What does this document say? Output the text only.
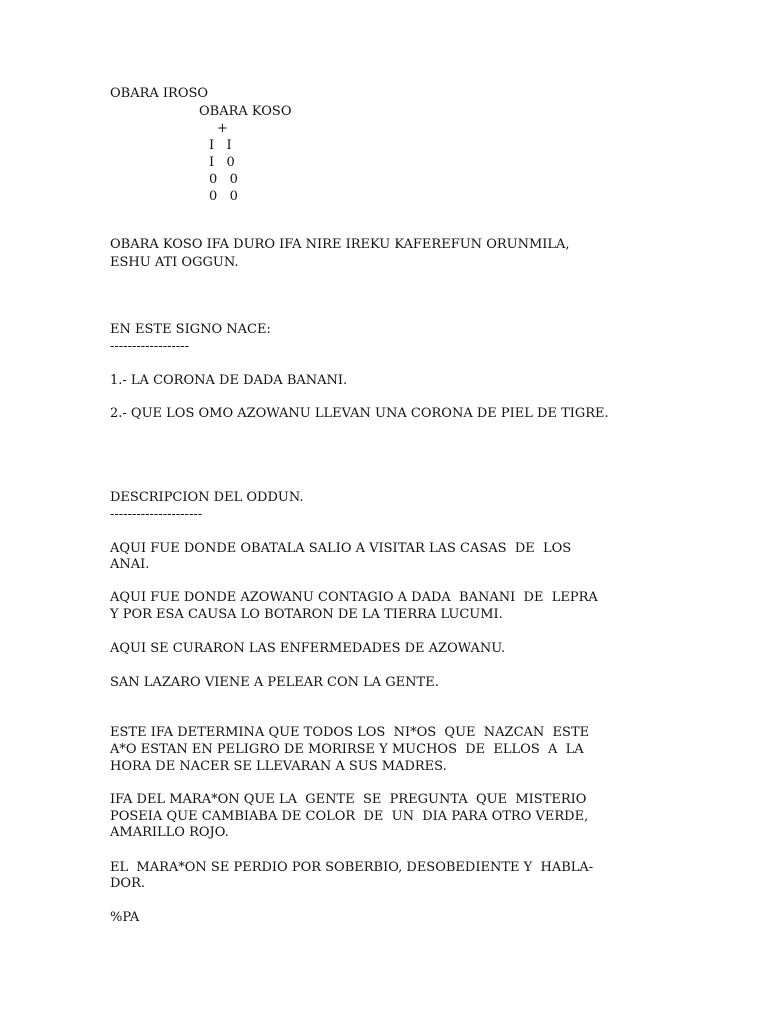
OBARA IROSO
OBARA KOSO
+
I   I
I   0
0   0
0   0
OBARA KOSO IFA DURO IFA NIRE IREKU KAFEREFUN ORUNMILA,
ESHU ATI OGGUN.
EN ESTE SIGNO NACE:
------------------
1.- LA CORONA DE DADA BANANI.
2.- QUE LOS OMO AZOWANU LLEVAN UNA CORONA DE PIEL DE TIGRE.
DESCRIPCION DEL ODDUN.
---------------------
AQUI FUE DONDE OBATALA SALIO A VISITAR LAS CASAS  DE  LOS
ANAI.
AQUI FUE DONDE AZOWANU CONTAGIO A DADA  BANANI  DE  LEPRA
Y POR ESA CAUSA LO BOTARON DE LA TIERRA LUCUMI.
AQUI SE CURARON LAS ENFERMEDADES DE AZOWANU.
SAN LAZARO VIENE A PELEAR CON LA GENTE.
ESTE IFA DETERMINA QUE TODOS LOS  NI*OS  QUE  NAZCAN  ESTE
A*O ESTAN EN PELIGRO DE MORIRSE Y MUCHOS  DE  ELLOS  A  LA
HORA DE NACER SE LLEVARAN A SUS MADRES.
IFA DEL MARA*ON QUE LA  GENTE  SE  PREGUNTA  QUE  MISTERIO
POSEIA QUE CAMBIABA DE COLOR  DE  UN  DIA PARA OTRO VERDE,
AMARILLO ROJO.
EL  MARA*ON SE PERDIO POR SOBERBIO, DESOBEDIENTE Y  HABLA-
DOR.
%PA
